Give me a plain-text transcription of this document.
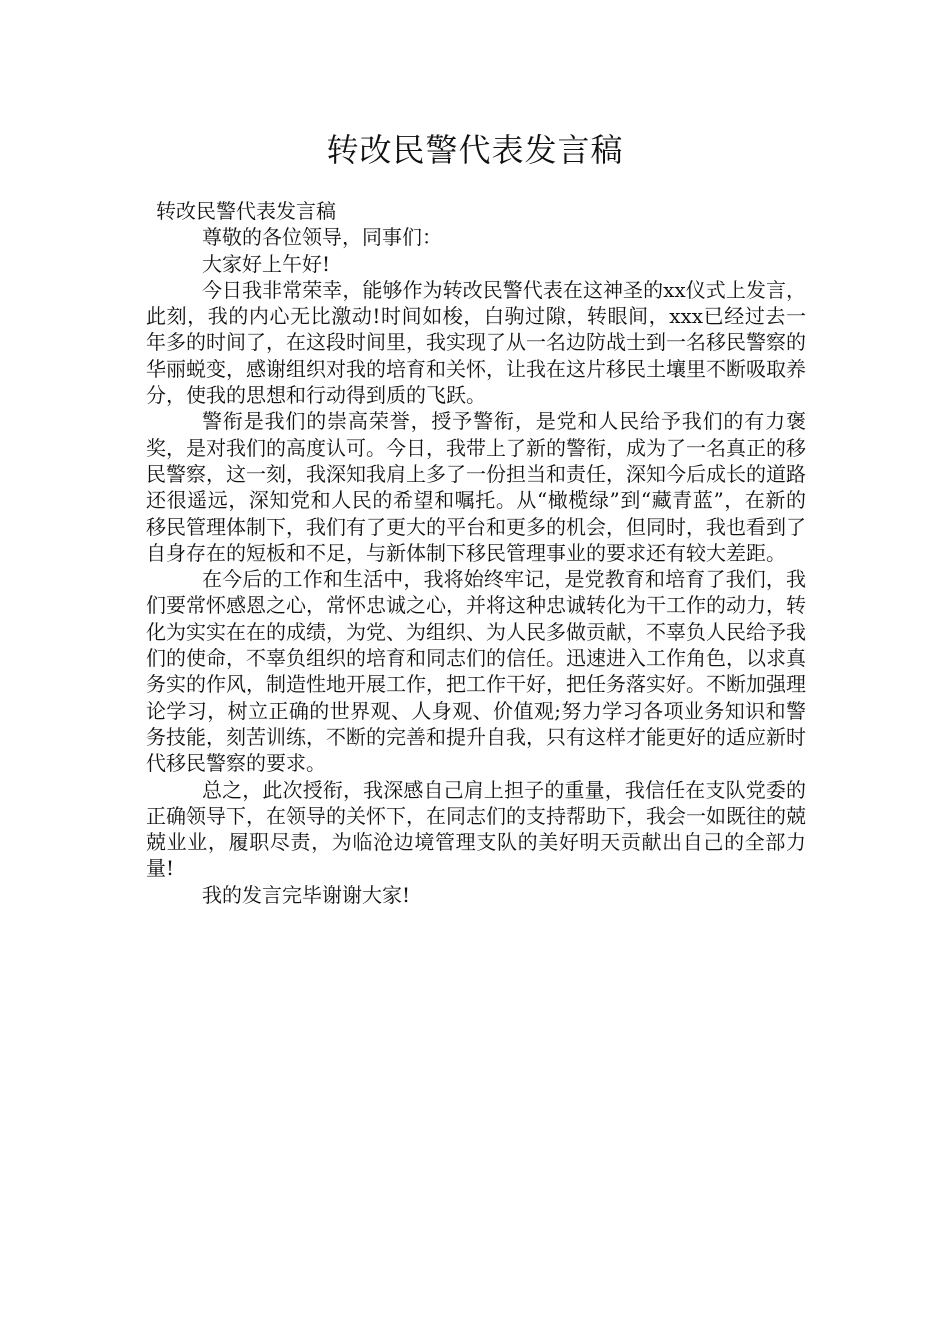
转改民警代表发言稿

转改民警代表发言稿

尊敬的各位领导，同事们：

大家好上午好!

今日我非常荣幸，能够作为转改民警代表在这神圣的xx仪式上发言，此刻，我的内心无比激动!时间如梭，白驹过隙，转眼间，xxx已经过去一年多的时间了，在这段时间里，我实现了从一名边防战士到一名移民警察的华丽蜕变，感谢组织对我的培育和关怀，让我在这片移民土壤里不断吸取养分，使我的思想和行动得到质的飞跃。

警衔是我们的崇高荣誉，授予警衔，是党和人民给予我们的有力褒奖，是对我们的高度认可。今日，我带上了新的警衔，成为了一名真正的移民警察，这一刻，我深知我肩上多了一份担当和责任，深知今后成长的道路还很遥远，深知党和人民的希望和嘱托。从“橄榄绿”到“藏青蓝”，在新的移民管理体制下，我们有了更大的平台和更多的机会，但同时，我也看到了自身存在的短板和不足，与新体制下移民管理事业的要求还有较大差距。

在今后的工作和生活中，我将始终牢记，是党教育和培育了我们，我们要常怀感恩之心，常怀忠诚之心，并将这种忠诚转化为干工作的动力，转化为实实在在的成绩，为党、为组织、为人民多做贡献，不辜负人民给予我们的使命，不辜负组织的培育和同志们的信任。迅速进入工作角色，以求真务实的作风，制造性地开展工作，把工作干好，把任务落实好。不断加强理论学习，树立正确的世界观、人身观、价值观;努力学习各项业务知识和警务技能，刻苦训练，不断的完善和提升自我，只有这样才能更好的适应新时代移民警察的要求。

总之，此次授衔，我深感自己肩上担子的重量，我信任在支队党委的正确领导下，在领导的关怀下，在同志们的支持帮助下，我会一如既往的兢兢业业，履职尽责，为临沧边境管理支队的美好明天贡献出自己的全部力量!

我的发言完毕谢谢大家!
